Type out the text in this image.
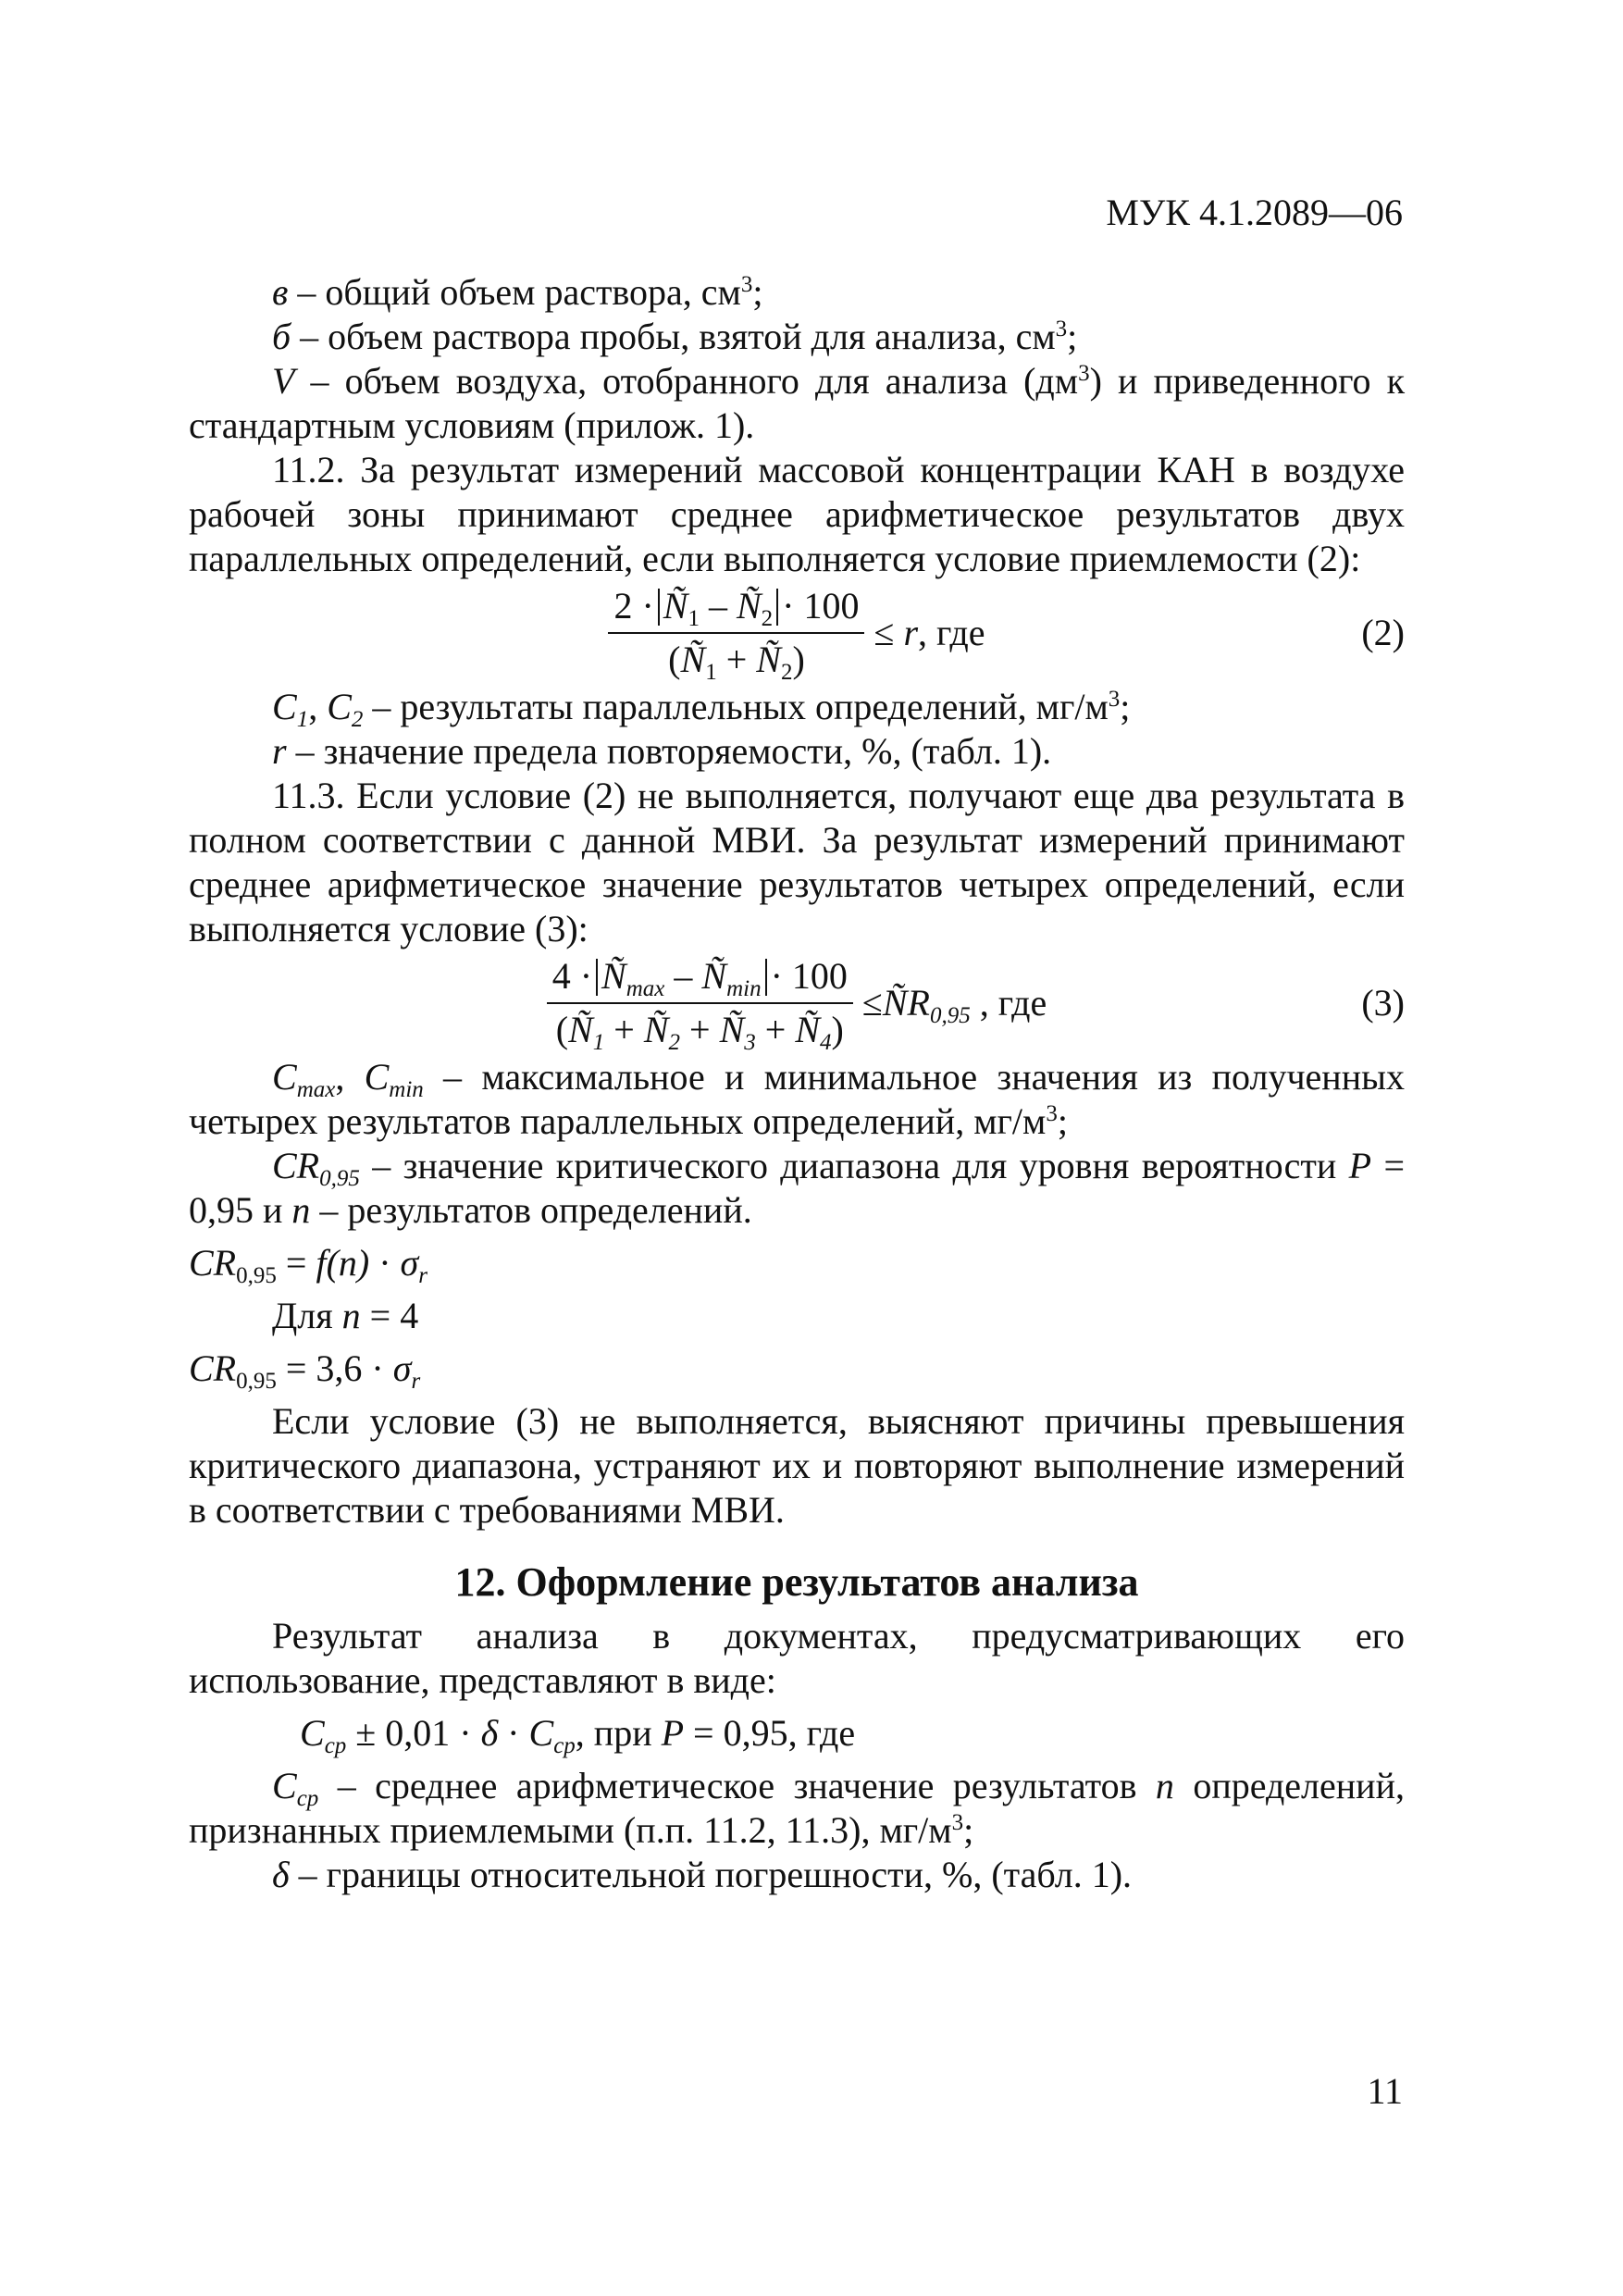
МУК 4.1.2089—06

в – общий объем раствора, $см^3$;

б – объем раствора пробы, взятой для анализа, $см^3$;

V – объем воздуха, отобранного для анализа $(дм^3)$ и приведенного к стандартным условиям (прилож. 1).

11.2. За результат измерений массовой концентрации КАН в воздухе рабочей зоны принимают среднее арифметическое результатов двух параллельных определений, если выполняется условие приемлемости (2):

$\frac{2 \cdot Ñ_1 - Ñ_2 \cdot 100}{(Ñ_1 + Ñ_2)} \le r$, где	(2)

$C_1$, $C_2$ – результаты параллельных определений, $мг/м^3$;

r – значение предела повторяемости, %, (табл. 1).

11.3. Если условие (2) не выполняется, получают еще два результата в полном соответствии с данной МВИ. За результат измерений принимают среднее арифметическое значение результатов четырех определений, если выполняется условие (3):

$\frac{4 \cdot Ñ_{max} - Ñ_{min} \cdot 100}{(Ñ_1 + Ñ_2 + Ñ_3 + Ñ_4)}$ $\le ÑR_{0,95}$ , где	(3)

$C_{max}$, $C_{min}$ – максимальное и минимальное значения из полученных четырех результатов параллельных определений, $мг/м^3$;

$CR_{0,95}$ – значение критического диапазона для уровня вероятности P = 0,95 и n – результатов определений.

$CR_{0,95} = f(n) \cdot \sigma_r$

Для n = 4

$CR_{0,95} = 3,6 \cdot \sigma_r$

Если условие (3) не выполняется, выясняют причины превышения критического диапазона, устраняют их и повторяют выполнение измерений в соответствии с требованиями МВИ.

12. Оформление результатов анализа

Результат анализа в документах, предусматривающих его использование, представляют в виде:

$C_{ср} \pm 0,01 \cdot \delta \cdot C_{ср}$, при P = 0,95, где

$C_{ср}$ – среднее арифметическое значение результатов n определений, признанных приемлемыми (п.п. 11.2, 11.3), $мг/м^3$;

δ – границы относительной погрешности, %, (табл. 1).

11
